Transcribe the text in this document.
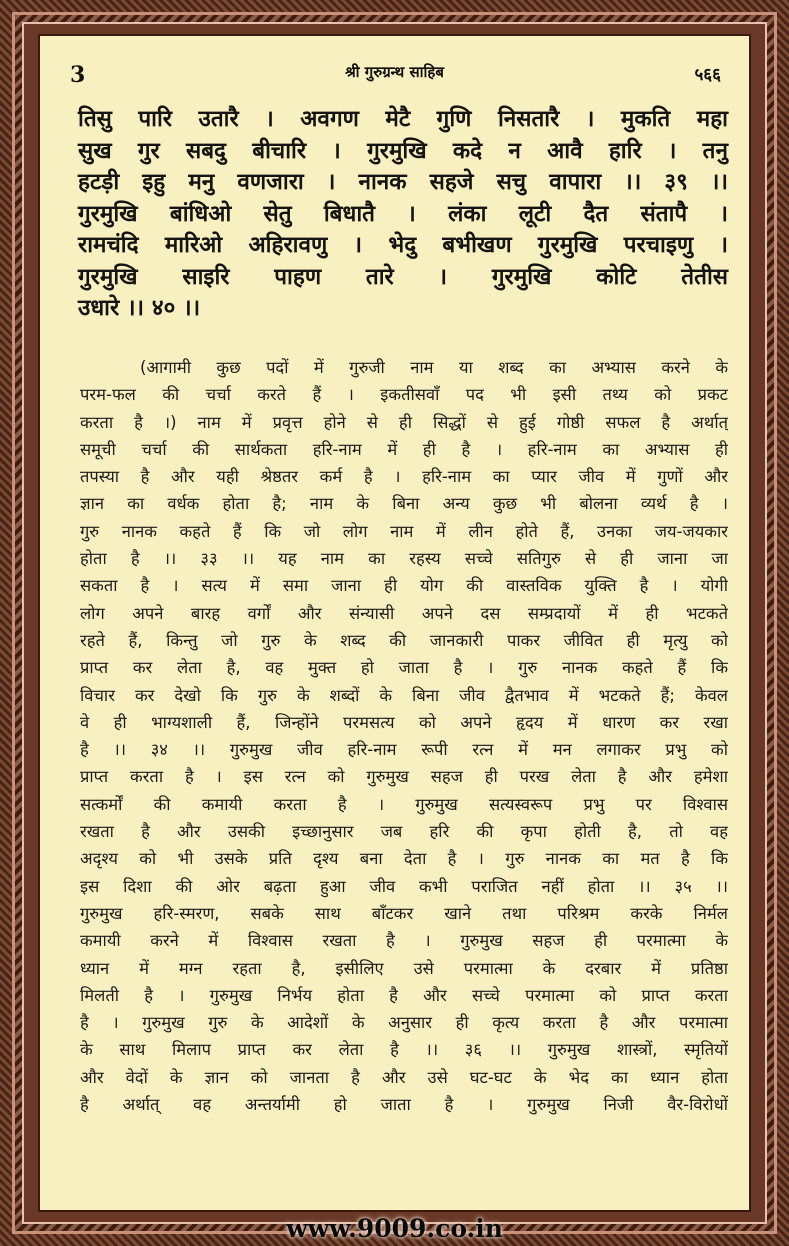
3	श्री गुरुग्रन्थ साहिब	५६६
तिसु पारि उतारै । अवगण मेटै गुणि निसतारै । मुकति महा
सुख गुर सबदु बीचारि । गुरमुखि कदे न आवै हारि । तनु
हटड़ी इहु मनु वणजारा । नानक सहजे सचु वापारा ।। ३९ ।।
गुरमुखि बांधिओ सेतु बिधातै । लंका लूटी दैत संतापै ।
रामचंदि मारिओ अहिरावणु । भेदु बभीखण गुरमुखि परचाइणु ।
गुरमुखि साइरि पाहण तारे । गुरमुखि कोटि तेतीस
उधारे ।। ४० ।।
(आगामी कुछ पदों में गुरुजी नाम या शब्द का अभ्यास करने के
परम-फल की चर्चा करते हैं । इकतीसवाँ पद भी इसी तथ्य को प्रकट
करता है ।) नाम में प्रवृत्त होने से ही सिद्धों से हुई गोष्ठी सफल है अर्थात्
समूची चर्चा की सार्थकता हरि-नाम में ही है । हरि-नाम का अभ्यास ही
तपस्या है और यही श्रेष्ठतर कर्म है । हरि-नाम का प्यार जीव में गुणों और
ज्ञान का वर्धक होता है; नाम के बिना अन्य कुछ भी बोलना व्यर्थ है ।
गुरु नानक कहते हैं कि जो लोग नाम में लीन होते हैं, उनका जय-जयकार
होता है ।। ३३ ।। यह नाम का रहस्य सच्चे सतिगुरु से ही जाना जा
सकता है । सत्य में समा जाना ही योग की वास्तविक युक्ति है । योगी
लोग अपने बारह वर्गों और संन्यासी अपने दस सम्प्रदायों में ही भटकते
रहते हैं, किन्तु जो गुरु के शब्द की जानकारी पाकर जीवित ही मृत्यु को
प्राप्त कर लेता है, वह मुक्त हो जाता है । गुरु नानक कहते हैं कि
विचार कर देखो कि गुरु के शब्दों के बिना जीव द्वैतभाव में भटकते हैं; केवल
वे ही भाग्यशाली हैं, जिन्होंने परमसत्य को अपने हृदय में धारण कर रखा
है ।। ३४ ।। गुरुमुख जीव हरि-नाम रूपी रत्न में मन लगाकर प्रभु को
प्राप्त करता है । इस रत्न को गुरुमुख सहज ही परख लेता है और हमेशा
सत्कर्मों की कमायी करता है । गुरुमुख सत्यस्वरूप प्रभु पर विश्वास
रखता है और उसकी इच्छानुसार जब हरि की कृपा होती है, तो वह
अदृश्य को भी उसके प्रति दृश्य बना देता है । गुरु नानक का मत है कि
इस दिशा की ओर बढ़ता हुआ जीव कभी पराजित नहीं होता ।। ३५ ।।
गुरुमुख हरि-स्मरण, सबके साथ बाँटकर खाने तथा परिश्रम करके निर्मल
कमायी करने में विश्वास रखता है । गुरुमुख सहज ही परमात्मा के
ध्यान में मग्न रहता है, इसीलिए उसे परमात्मा के दरबार में प्रतिष्ठा
मिलती है । गुरुमुख निर्भय होता है और सच्चे परमात्मा को प्राप्त करता
है । गुरुमुख गुरु के आदेशों के अनुसार ही कृत्य करता है और परमात्मा
के साथ मिलाप प्राप्त कर लेता है ।। ३६ ।। गुरुमुख शास्त्रों, स्मृतियों
और वेदों के ज्ञान को जानता है और उसे घट-घट के भेद का ध्यान होता
है अर्थात् वह अन्तर्यामी हो जाता है । गुरुमुख निजी वैर-विरोधों
www.9009.co.in
